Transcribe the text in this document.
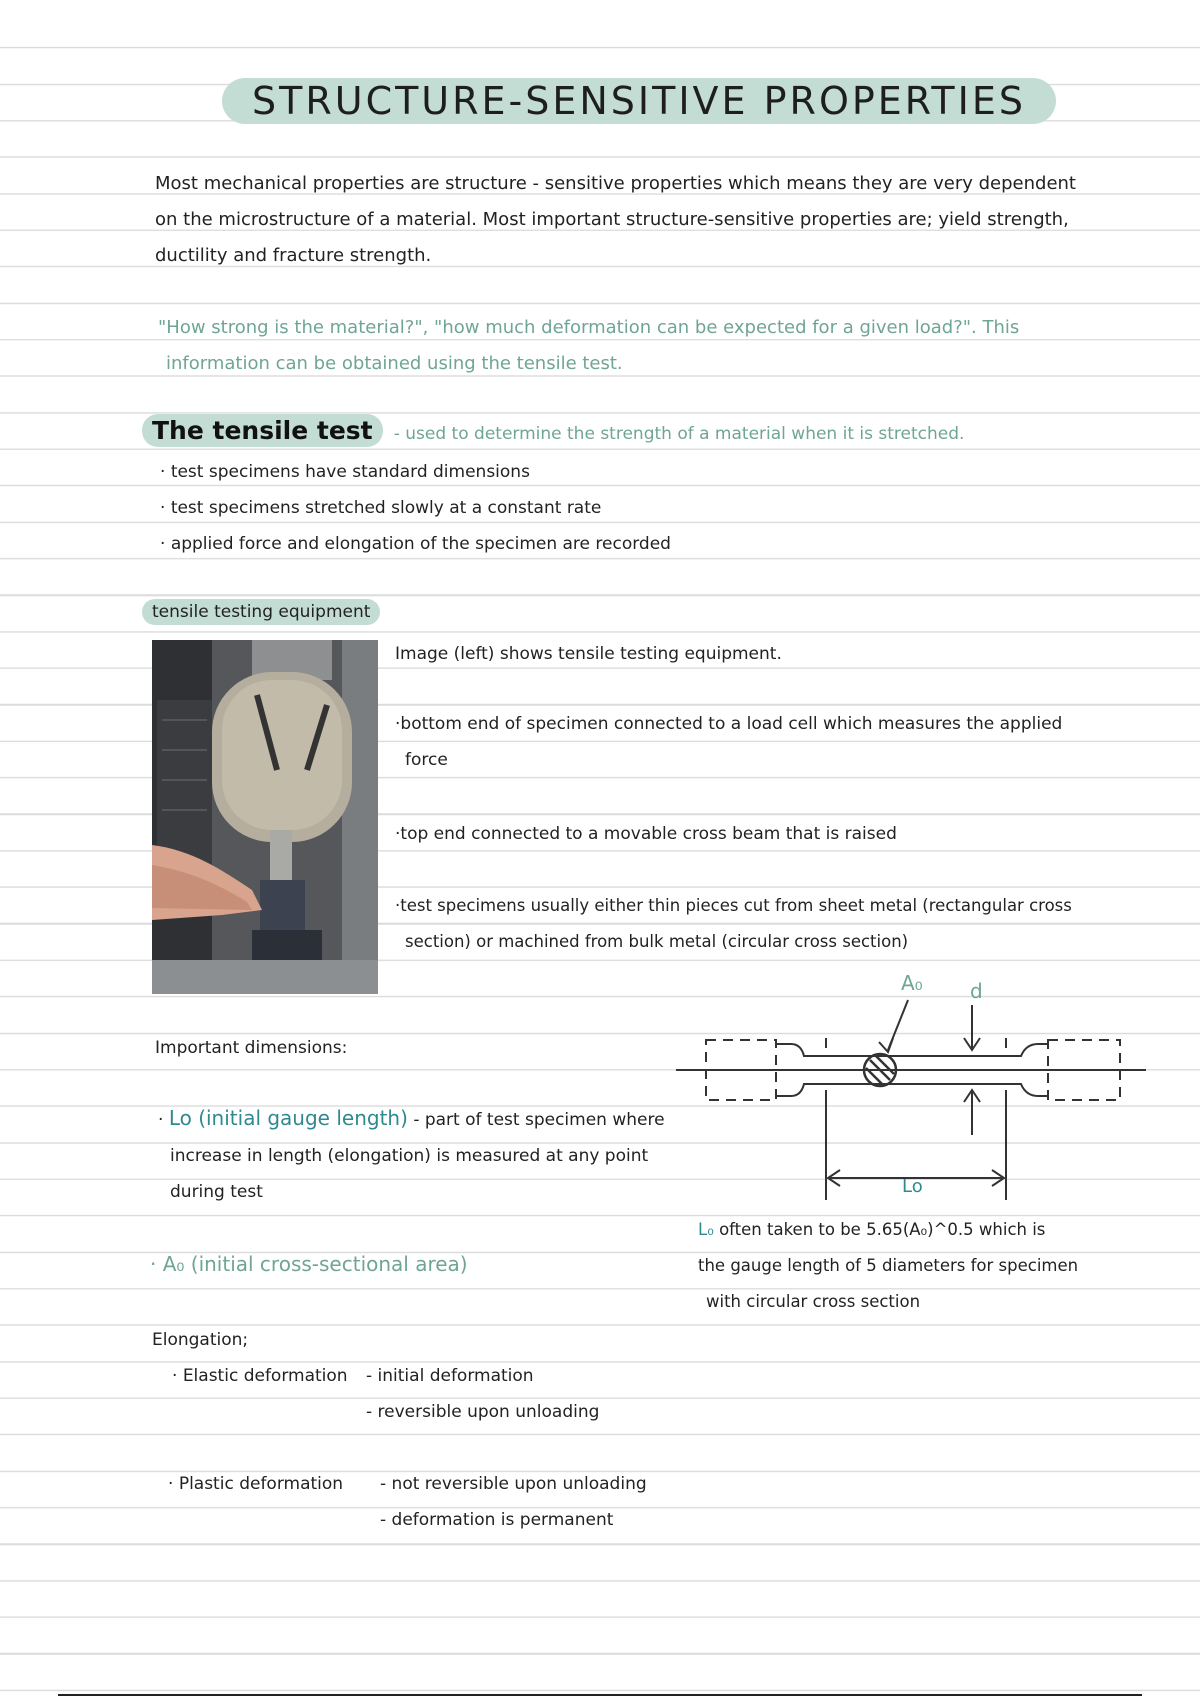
STRUCTURE-SENSITIVE PROPERTIES
Most mechanical properties are structure - sensitive properties which means they are very dependent
on the microstructure of a material. Most important structure-sensitive properties are; yield strength,
ductility and fracture strength.
"How strong is the material?", "how much deformation can be expected for a given load?". This
information can be obtained using the tensile test.
The tensile test - used to determine the strength of a material when it is stretched.
· test specimens have standard dimensions
· test specimens stretched slowly at a constant rate
· applied force and elongation of the specimen are recorded
tensile testing equipment
Image (left) shows tensile testing equipment.
·bottom end of specimen connected to a load cell which measures the applied
force
·top end connected to a movable cross beam that is raised
·test specimens usually either thin pieces cut from sheet metal (rectangular cross
section) or machined from bulk metal (circular cross section)
Important dimensions:
· Lo (initial gauge length) - part of test specimen where
increase in length (elongation) is measured at any point
during test
· A₀ (initial cross-sectional area)
A₀ d
Lo
L₀ often taken to be 5.65(A₀)^0.5 which is
the gauge length of 5 diameters for specimen
with circular cross section
Elongation;
· Elastic deformation - initial deformation
- reversible upon unloading
· Plastic deformation - not reversible upon unloading
- deformation is permanent
